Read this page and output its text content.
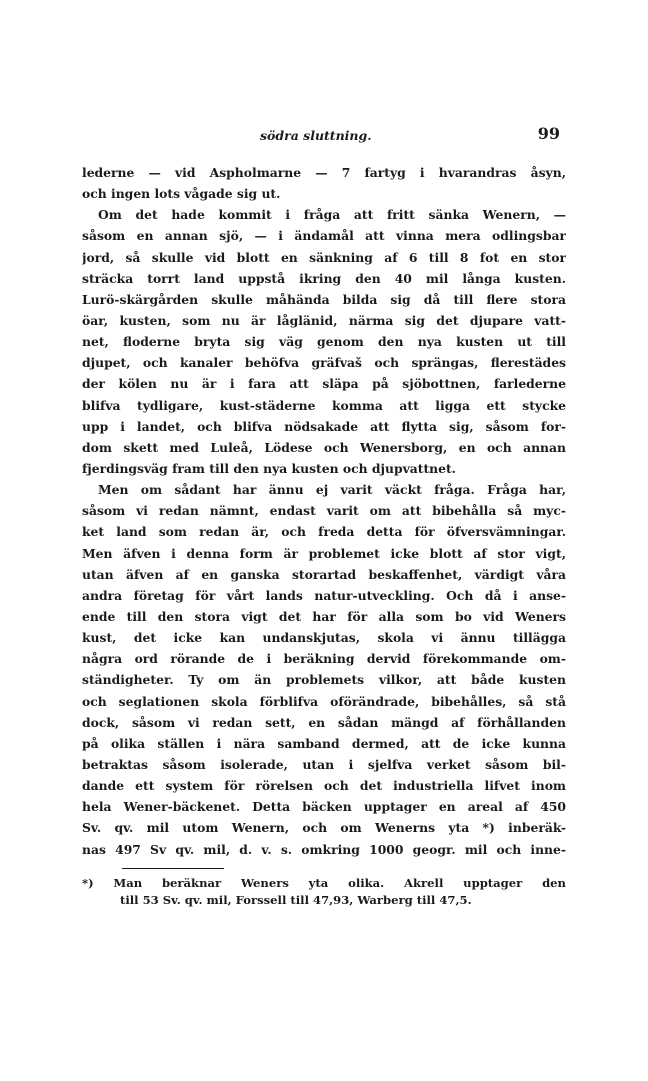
södra sluttning.	99
lederne — vid Aspholmarne — 7 fartyg i hvarandras åsyn,
och ingen lots vågade sig ut.
Om det hade kommit i fråga att fritt sänka Wenern, —
såsom en annan sjö, — i ändamål att vinna mera odlingsbar
jord, så skulle vid blott en sänkning af 6 till 8 fot en stor
sträcka torrt land uppstå ikring den 40 mil långa kusten.
Lurö-skärgården skulle måhända bilda sig då till flere stora
öar, kusten, som nu är låglänid, närma sig det djupare vatt-
net, floderne bryta sig väg genom den nya kusten ut till
djupet, och kanaler behöfva gräfvaš och sprängas, flerestädes
der kölen nu är i fara att släpa på sjöbottnen, farlederne
blifva tydligare, kust-städerne komma att ligga ett stycke
upp i landet, och blifva nödsakade att flytta sig, såsom for-
dom skett med Luleå, Lödese och Wenersborg, en och annan
fjerdingsväg fram till den nya kusten och djupvattnet.
Men om sådant har ännu ej varit väckt fråga. Fråga har,
såsom vi redan nämnt, endast varit om att bibehålla så myc-
ket land som redan är, och freda detta för öfversvämningar.
Men äfven i denna form är problemet icke blott af stor vigt,
utan äfven af en ganska storartad beskaffenhet, värdigt våra
andra företag för vårt lands natur-utveckling. Och då i anse-
ende till den stora vigt det har för alla som bo vid Weners
kust, det icke kan undanskjutas, skola vi ännu tillägga
några ord rörande de i beräkning dervid förekommande om-
ständigheter. Ty om än problemets vilkor, att både kusten
och seglationen skola förblifva oförändrade, bibehålles, så stå
dock, såsom vi redan sett, en sådan mängd af förhållanden
på olika ställen i nära samband dermed, att de icke kunna
betraktas såsom isolerade, utan i sjelfva verket såsom bil-
dande ett system för rörelsen och det industriella lifvet inom
hela Wener-bäckenet. Detta bäcken upptager en areal af 450
Sv. qv. mil utom Wenern, och om Wenerns yta *) inberäk-
nas 497 Sv qv. mil, d. v. s. omkring 1000 geogr. mil och inne-
*) Man beräknar Weners yta olika. Akrell upptager den
till 53 Sv. qv. mil, Forssell till 47,93, Warberg till 47,5.
